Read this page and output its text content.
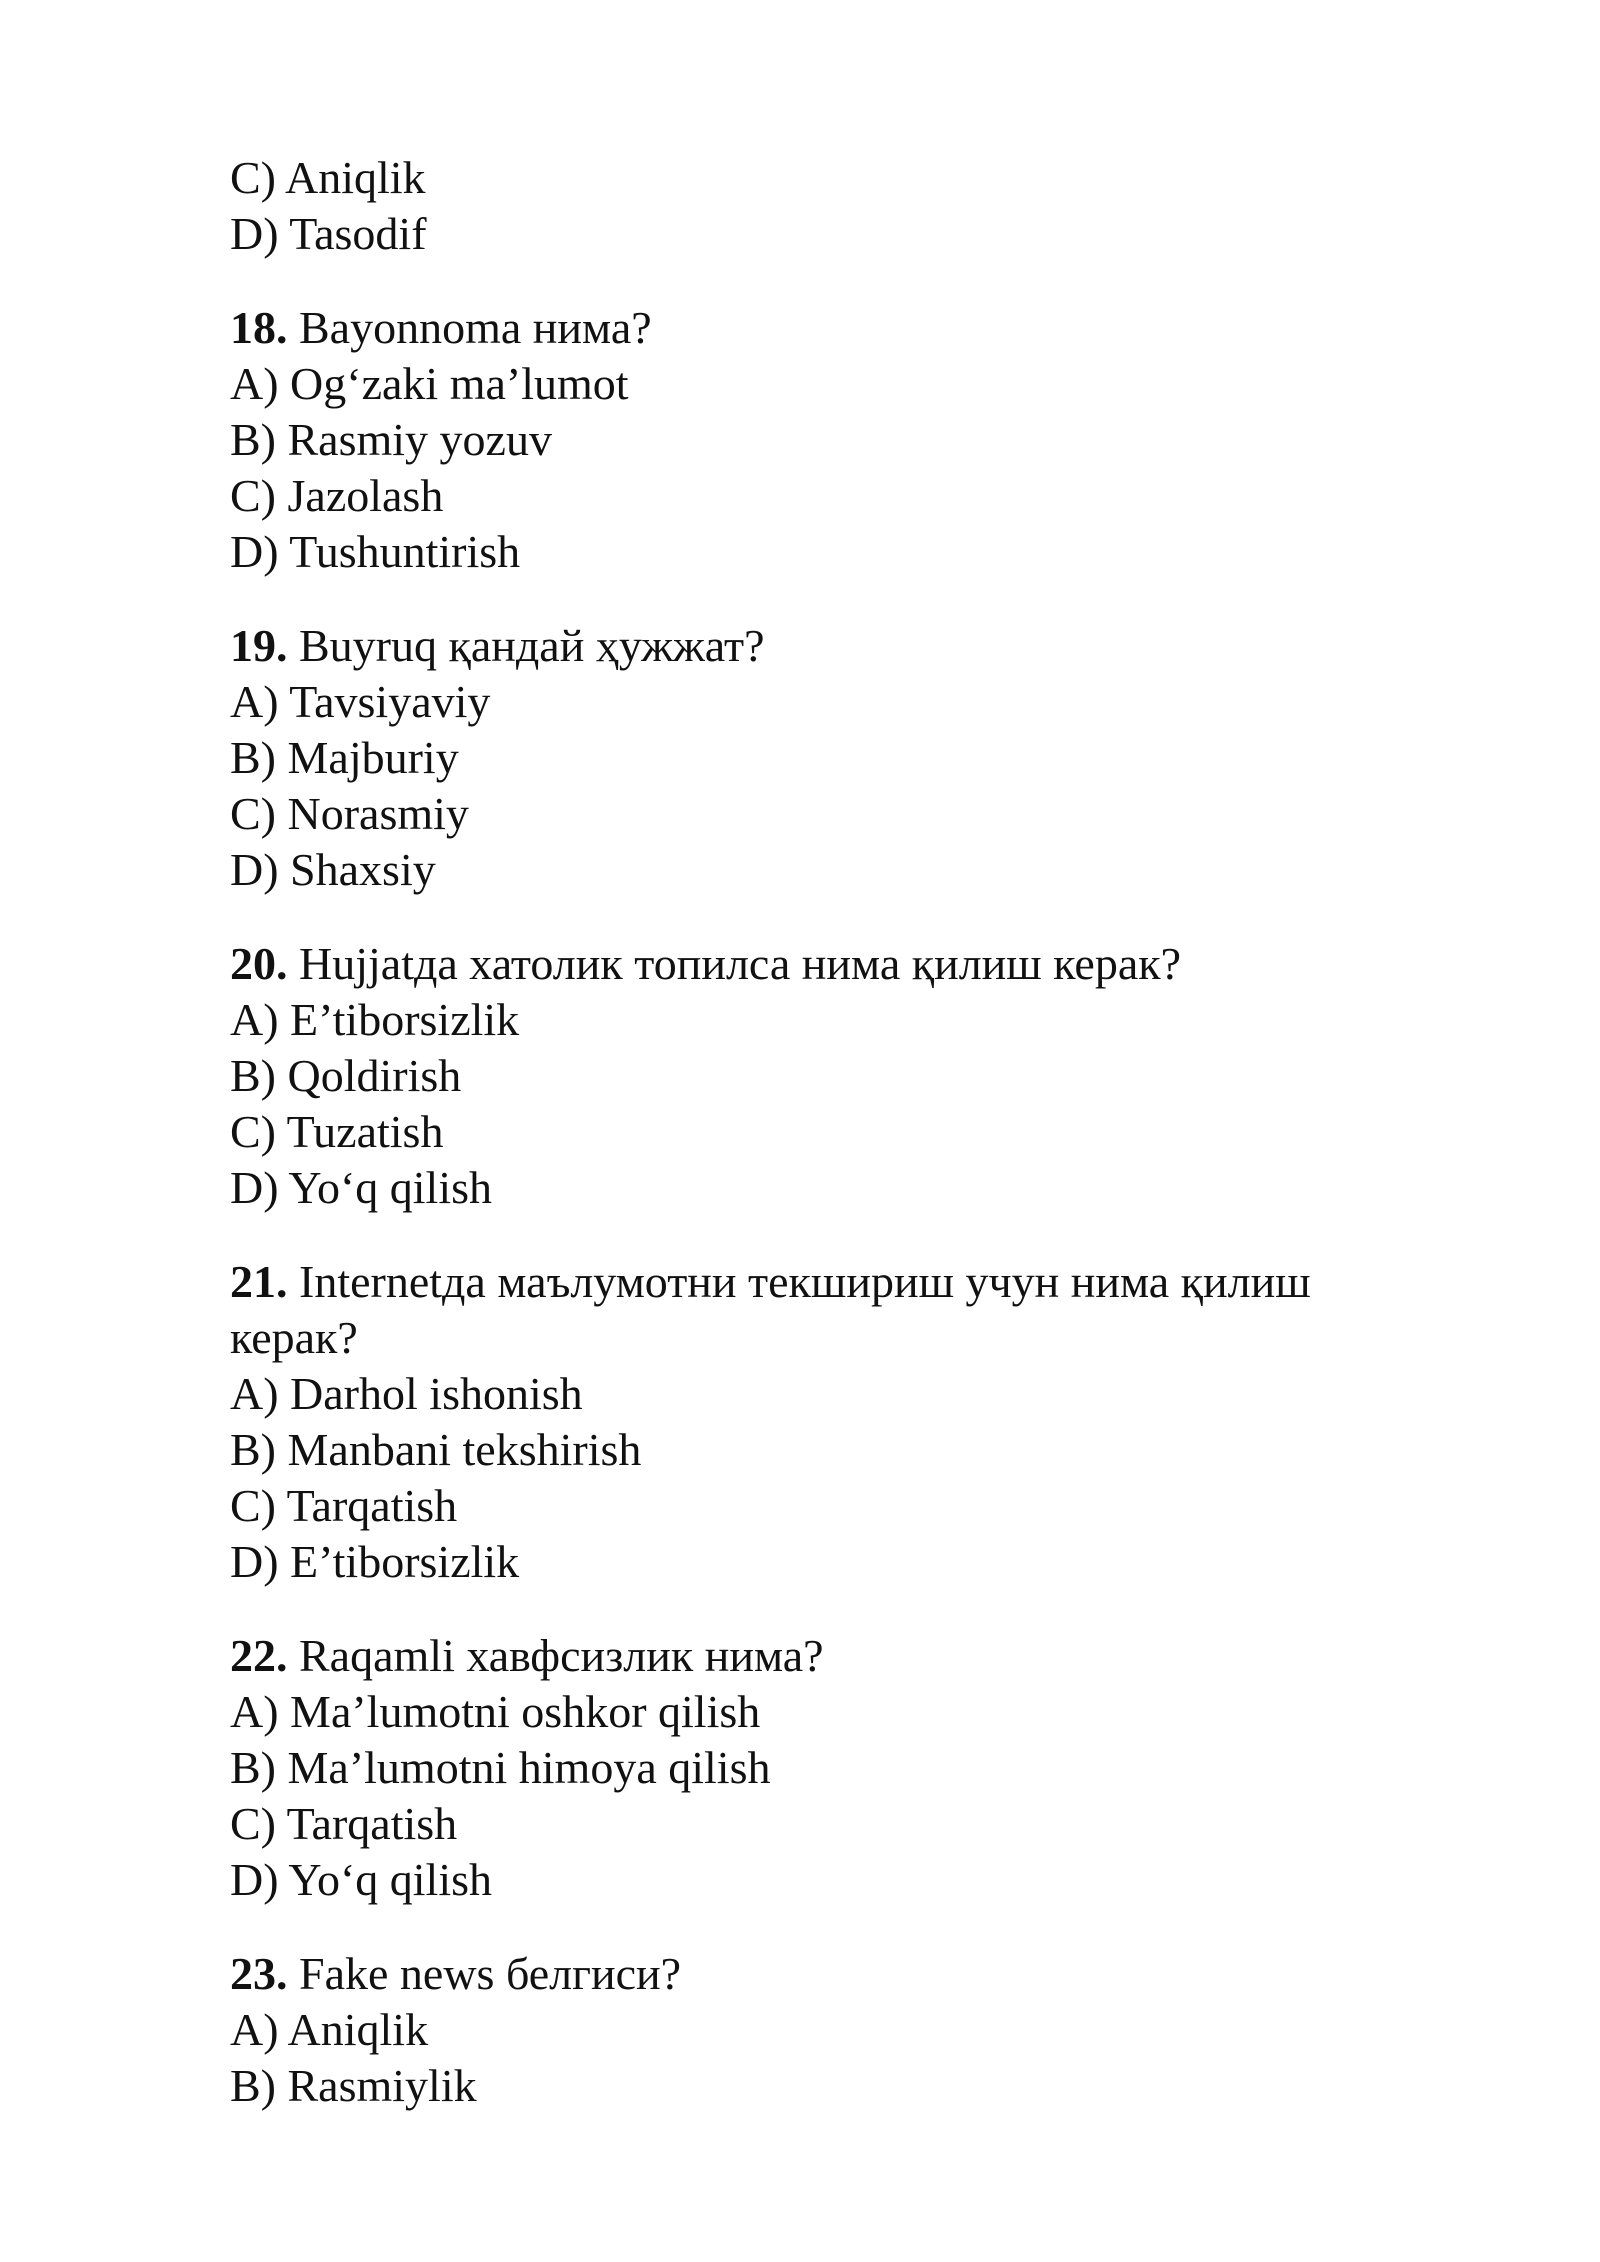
C) Aniqlik
D) Tasodif
18. Bayonnoma нима?
A) Og‘zaki ma’lumot
B) Rasmiy yozuv
C) Jazolash
D) Tushuntirish
19. Buyruq қандай ҳужжат?
A) Tavsiyaviy
B) Majburiy
C) Norasmiy
D) Shaxsiy
20. Hujjatда хатолик топилса нима қилиш керак?
A) E’tiborsizlik
B) Qoldirish
C) Tuzatish
D) Yo‘q qilish
21. Internetда маълумотни текшириш учун нима қилиш керак?
A) Darhol ishonish
B) Manbani tekshirish
C) Tarqatish
D) E’tiborsizlik
22. Raqamli хавфсизлик нима?
A) Ma’lumotni oshkor qilish
B) Ma’lumotni himoya qilish
C) Tarqatish
D) Yo‘q qilish
23. Fake news белгиси?
A) Aniqlik
B) Rasmiylik
